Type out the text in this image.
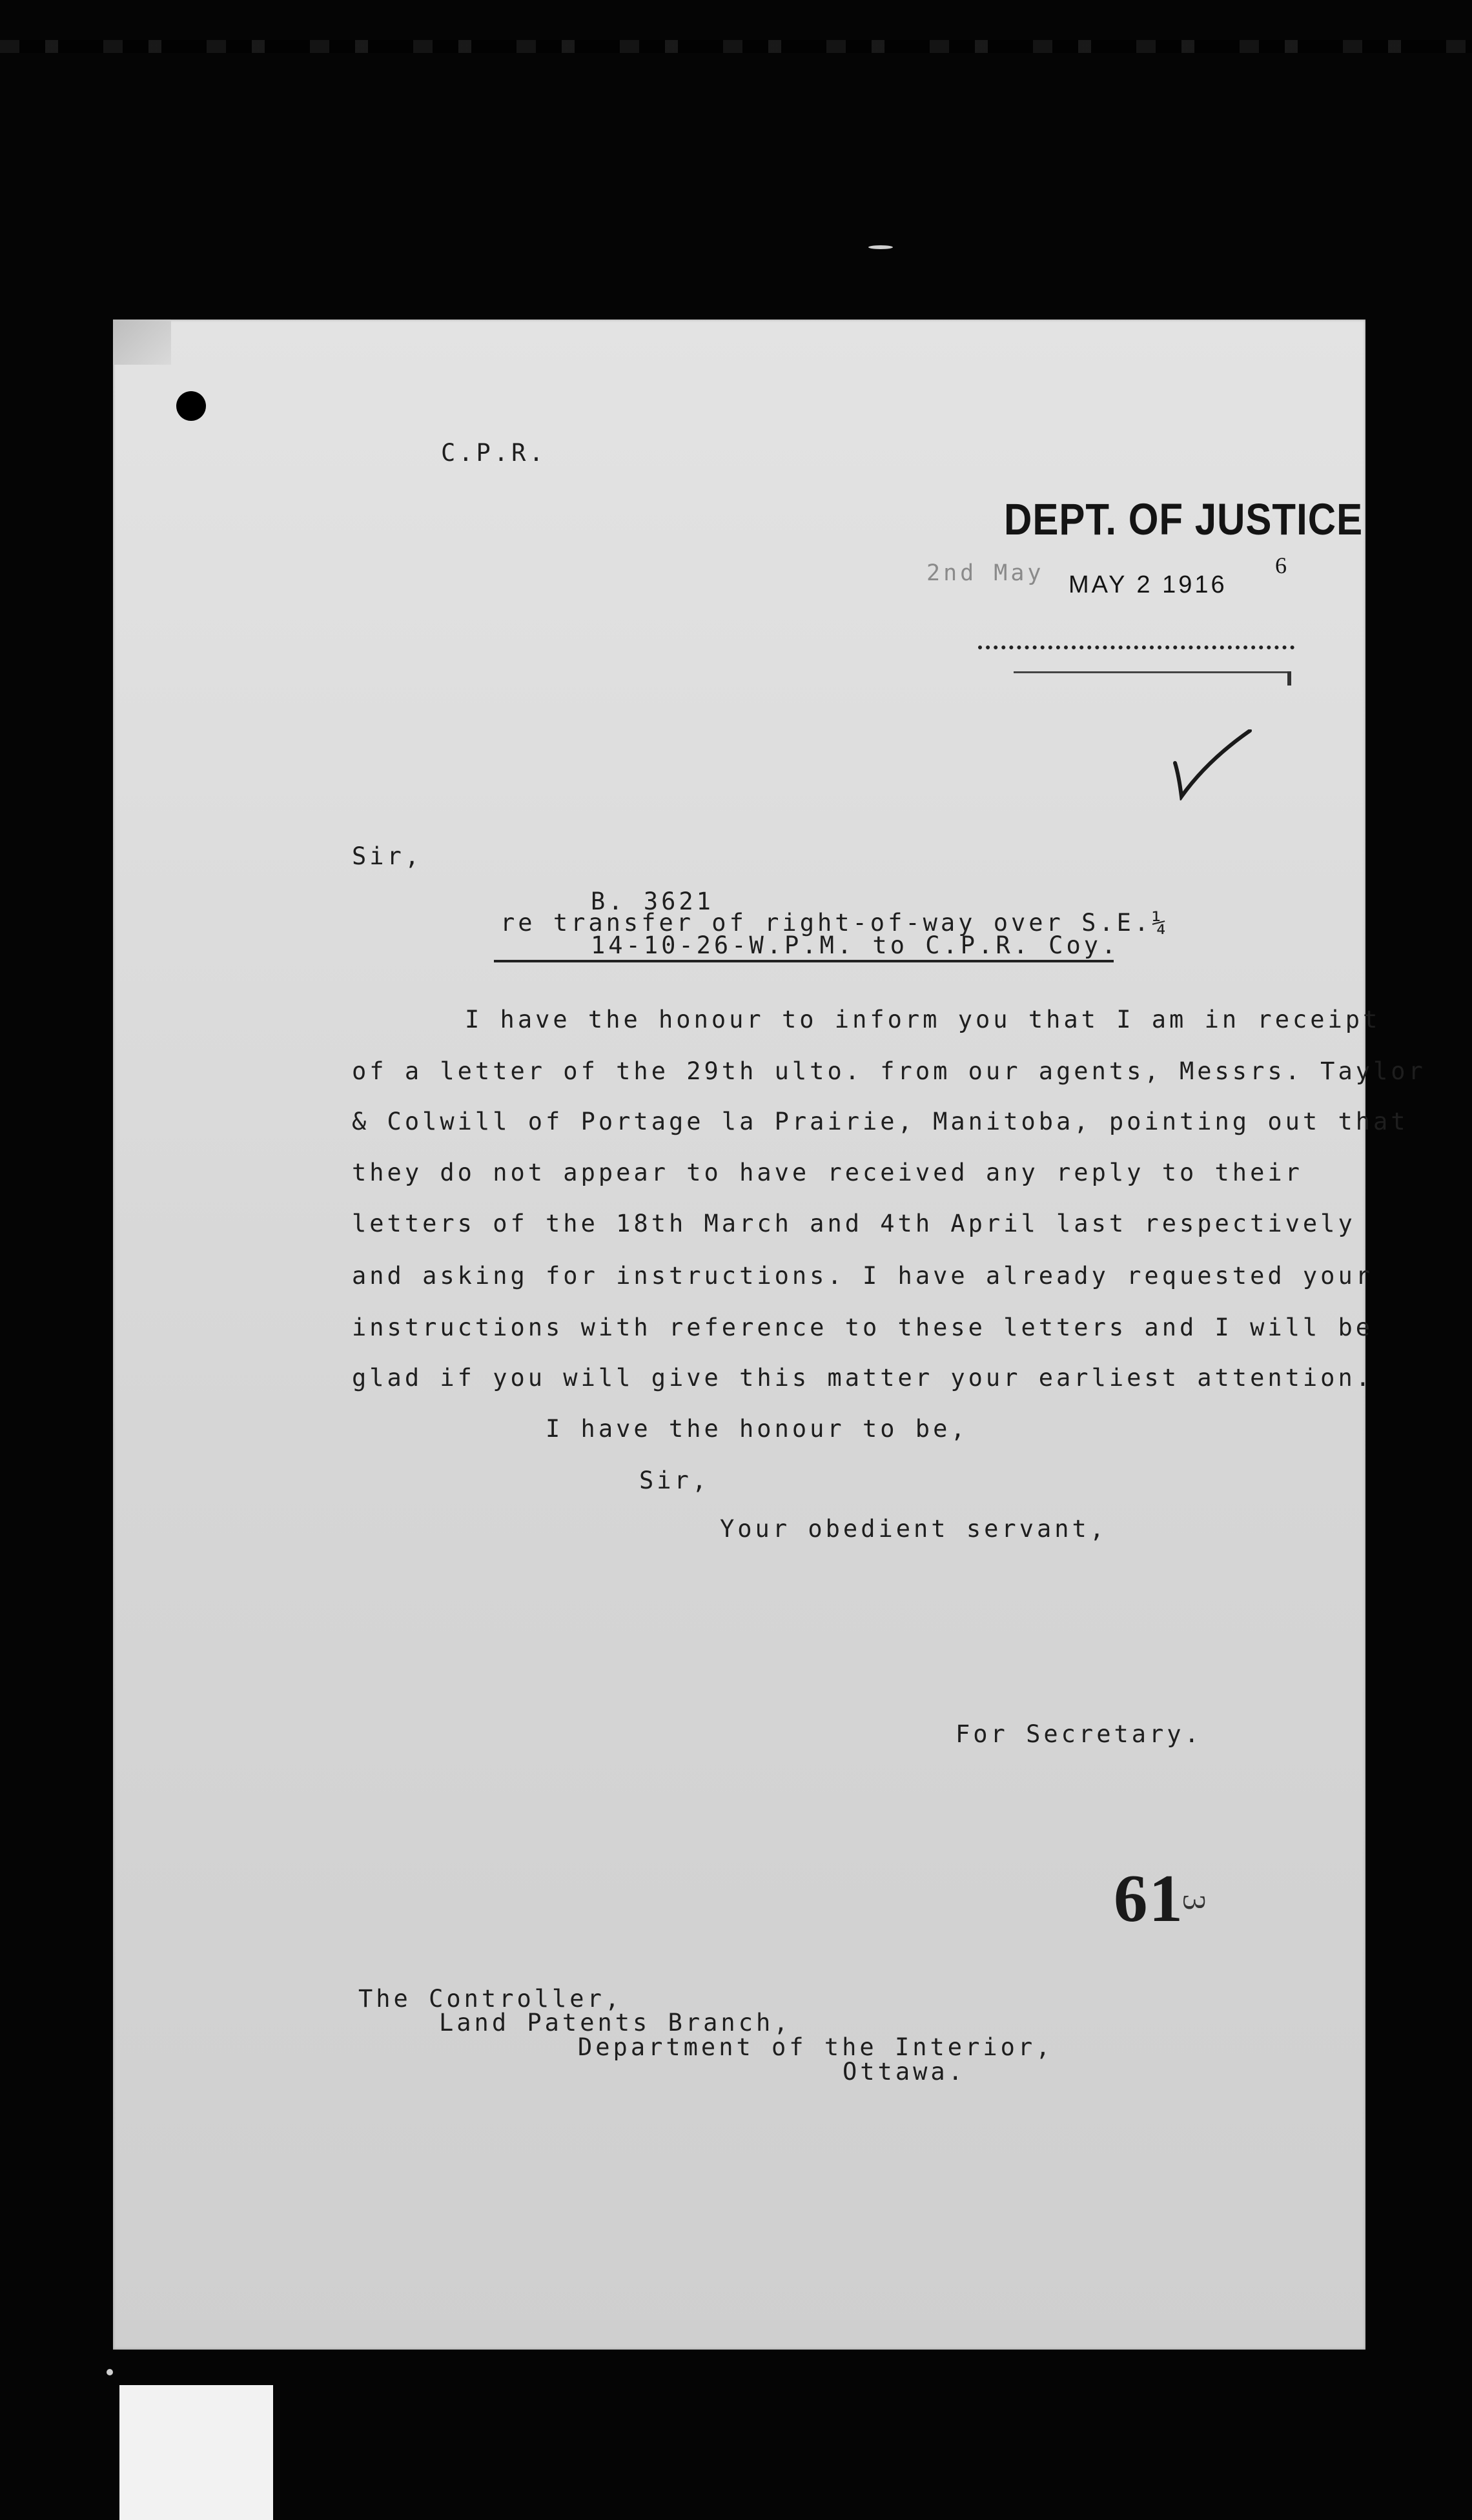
C.P.R.
DEPT. OF JUSTICE
2nd May MAY 2 1916
6
Sir,
B. 3621
re transfer of right-of-way over S.E.¼
14-10-26-W.P.M. to C.P.R. Coy.
I have the honour to inform you that I am in receipt
of a letter of the 29th ulto. from our agents, Messrs. Taylor
& Colwill of Portage la Prairie, Manitoba, pointing out that
they do not appear to have received any reply to their
letters of the 18th March and 4th April last respectively
and asking for instructions. I have already requested your
instructions with reference to these letters and I will be
glad if you will give this matter your earliest attention.
I have the honour to be,
Sir,
Your obedient servant,
For Secretary.
61
3
The Controller,
Land Patents Branch,
Department of the Interior,
Ottawa.
